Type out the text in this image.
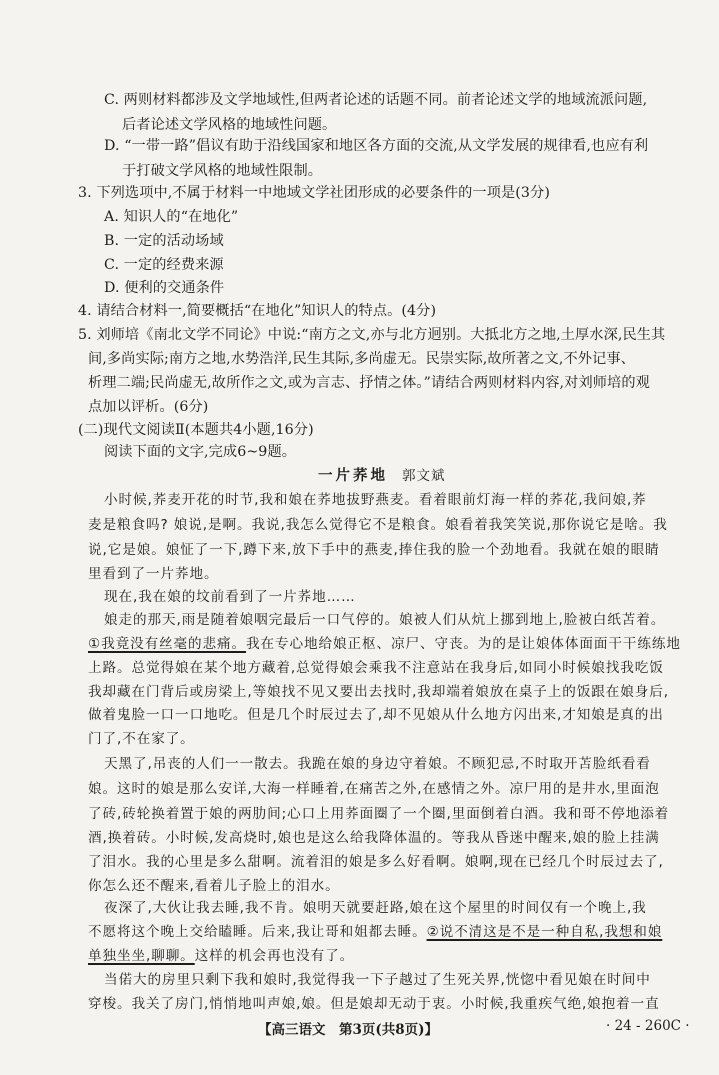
C. 两则材料都涉及文学地域性,但两者论述的话题不同。前者论述文学的地域流派问题,
后者论述文学风格的地域性问题。
D. “一带一路”倡议有助于沿线国家和地区各方面的交流,从文学发展的规律看,也应有利
于打破文学风格的地域性限制。
3. 下列选项中,不属于材料一中地域文学社团形成的必要条件的一项是(3分)
A. 知识人的“在地化”
B. 一定的活动场域
C. 一定的经费来源
D. 便利的交通条件
4. 请结合材料一,简要概括“在地化”知识人的特点。(4分)
5. 刘师培《南北文学不同论》中说:“南方之文,亦与北方迥别。大抵北方之地,土厚水深,民生其
间,多尚实际;南方之地,水势浩洋,民生其际,多尚虚无。民崇实际,故所著之文,不外记事、
析理二端;民尚虚无,故所作之文,或为言志、抒情之体。”请结合两则材料内容,对刘师培的观
点加以评析。(6分)
(二)现代文阅读Ⅱ(本题共4小题,16分)
阅读下面的文字,完成6~9题。
一片荞地 郭文斌
小时候,荞麦开花的时节,我和娘在荞地拔野燕麦。看着眼前灯海一样的荞花,我问娘,荞
麦是粮食吗? 娘说,是啊。我说,我怎么觉得它不是粮食。娘看着我笑笑说,那你说它是啥。我
说,它是娘。娘怔了一下,蹲下来,放下手中的燕麦,捧住我的脸一个劲地看。我就在娘的眼睛
里看到了一片荞地。
现在,我在娘的坟前看到了一片荞地……
娘走的那天,雨是随着娘咽完最后一口气停的。娘被人们从炕上挪到地上,脸被白纸苫着。
①我竟没有丝毫的悲痛。我在专心地给娘正枢、凉尸、守丧。为的是让娘体体面面干干练练地
上路。总觉得娘在某个地方藏着,总觉得娘会乘我不注意站在我身后,如同小时候娘找我吃饭
我却藏在门背后或房梁上,等娘找不见又要出去找时,我却端着娘放在桌子上的饭跟在娘身后,
做着鬼脸一口一口地吃。但是几个时辰过去了,却不见娘从什么地方闪出来,才知娘是真的出
门了,不在家了。
天黑了,吊丧的人们一一散去。我跪在娘的身边守着娘。不顾犯忌,不时取开苫脸纸看看
娘。这时的娘是那么安详,大海一样睡着,在痛苦之外,在感情之外。凉尸用的是井水,里面泡
了砖,砖轮换着置于娘的两肋间;心口上用荞面圈了一个圈,里面倒着白酒。我和哥不停地添着
酒,换着砖。小时候,发高烧时,娘也是这么给我降体温的。等我从昏迷中醒来,娘的脸上挂满
了泪水。我的心里是多么甜啊。流着泪的娘是多么好看啊。娘啊,现在已经几个时辰过去了,
你怎么还不醒来,看着儿子脸上的泪水。
夜深了,大伙让我去睡,我不肯。娘明天就要赶路,娘在这个屋里的时间仅有一个晚上,我
不愿将这个晚上交给瞌睡。后来,我让哥和姐都去睡。②说不清这是不是一种自私,我想和娘
单独坐坐,聊聊。这样的机会再也没有了。
当偌大的房里只剩下我和娘时,我觉得我一下子越过了生死关界,恍惚中看见娘在时间中
穿梭。我关了房门,悄悄地叫声娘,娘。但是娘却无动于衷。小时候,我重疾气绝,娘抱着一直
【高三语文　第3页(共8页)】	· 24 - 260C ·
